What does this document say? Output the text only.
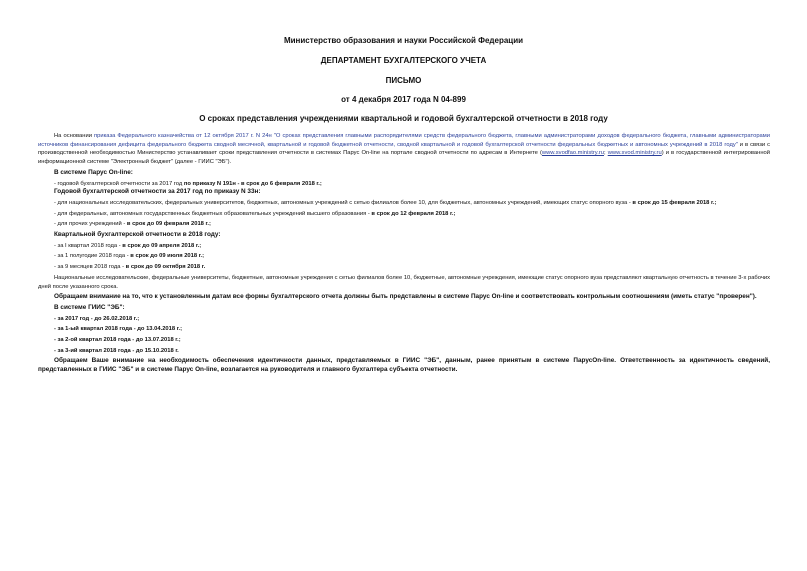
Министерство образования и науки Российской Федерации
ДЕПАРТАМЕНТ БУХГАЛТЕРСКОГО УЧЕТА
ПИСЬМО
от 4 декабря 2017 года N 04-899
О сроках представления учреждениями квартальной и годовой бухгалтерской отчетности в 2018 году

На основании приказа Федерального казначейства от 12 октября 2017 г. N 24н "О сроках представления главными распорядителями средств федерального бюджета, главными администраторами доходов федерального бюджета, главными администраторами источников финансирования дефицита федерального бюджета сводной месячной, квартальной и годовой бюджетной отчетности, сводной квартальной и годовой бухгалтерской отчетности федеральных бюджетных и автономных учреждений в 2018 году" и в связи с производственной необходимостью Министерство устанавливает сроки представления отчетности в системах Парус On-line на портале сводной отчетности по адресам в Интернете (www.svodfao.ministry.ru; www.svod.ministry.ru) и в государственной интегрированной информационной системе "Электронный бюджет" (далее - ГИИС "ЭБ").

В системе Парус On-line:

- годовой бухгалтерской отчетности за 2017 год по приказу N 191н - в срок до 6 февраля 2018 г.;

Годовой бухгалтерской отчетности за 2017 год по приказу N 33н:

- для национальных исследовательских, федеральных университетов, бюджетных, автономных учреждений с сетью филиалов более 10, для бюджетных, автономных учреждений, имеющих статус опорного вуза - в срок до 15 февраля 2018 г.;

- для федеральных, автономных государственных бюджетных образовательных учреждений высшего образования - в срок до 12 февраля 2018 г.;

- для прочих учреждений - в срок до 09 февраля 2018 г.;

Квартальной бухгалтерской отчетности в 2018 году:

- за I квартал 2018 года - в срок до 09 апреля 2018 г.;

- за 1 полугодие 2018 года - в срок до 09 июля 2018 г.;

- за 9 месяцев 2018 года - в срок до 09 октября 2018 г.

Национальные исследовательские, федеральные университеты, бюджетные, автономные учреждения с сетью филиалов более 10, бюджетные, автономные учреждения, имеющие статус опорного вуза представляют квартальную отчетность в течение 3-х рабочих дней после указанного срока.

Обращаем внимание на то, что к установленным датам все формы бухгалтерского отчета должны быть представлены в системе Парус On-line и соответствовать контрольным соотношениям (иметь статус "проверен").

В системе ГИИС "ЭБ":

- за 2017 год - до 26.02.2018 г.;

- за 1-ый квартал 2018 года - до 13.04.2018 г.;

- за 2-ой квартал 2018 года - до 13.07.2018 г.;

- за 3-ий квартал 2018 года - до 15.10.2018 г.

Обращаем Ваше внимание на необходимость обеспечения идентичности данных, представляемых в ГИИС "ЭБ", данным, ранее принятым в системе ПарусOn-line. Ответственность за идентичность сведений, представленных в ГИИС "ЭБ" и в системе Парус On-line, возлагается на руководителя и главного бухгалтера субъекта отчетности.
